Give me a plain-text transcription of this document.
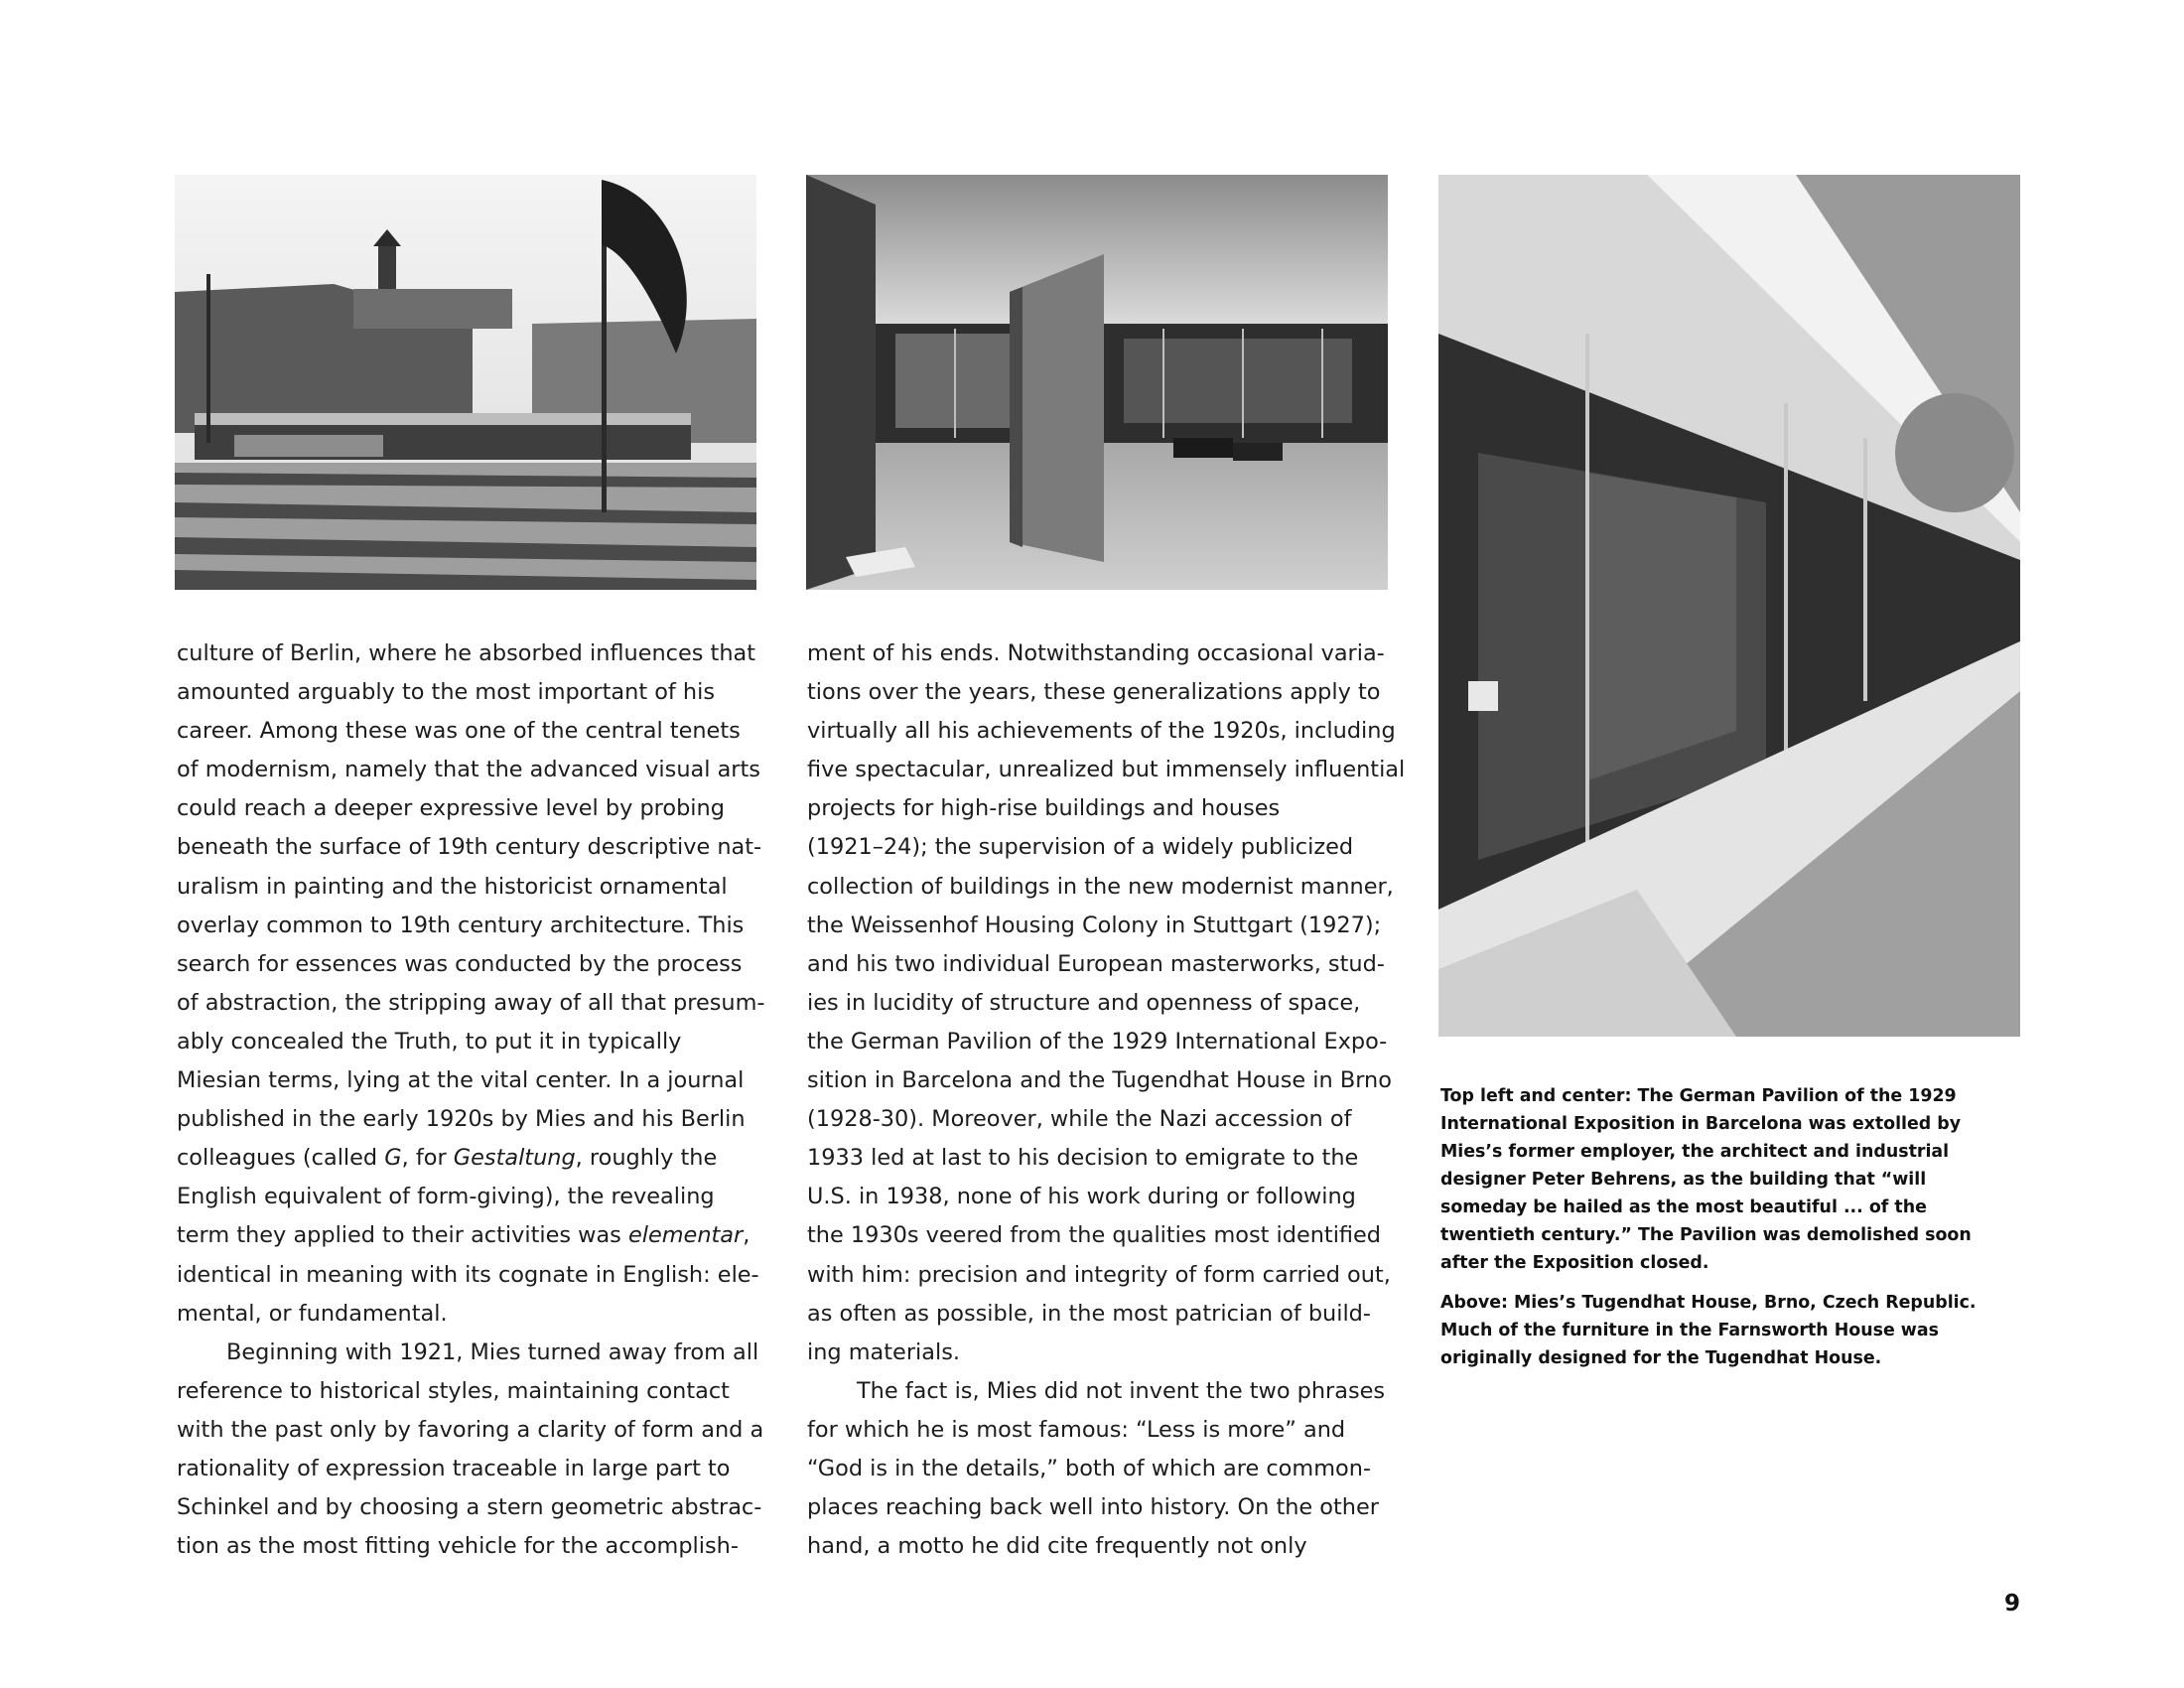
culture of Berlin, where he absorbed influences that
amounted arguably to the most important of his
career. Among these was one of the central tenets
of modernism, namely that the advanced visual arts
could reach a deeper expressive level by probing
beneath the surface of 19th century descriptive nat-
uralism in painting and the historicist ornamental
overlay common to 19th century architecture. This
search for essences was conducted by the process
of abstraction, the stripping away of all that presum-
ably concealed the Truth, to put it in typically
Miesian terms, lying at the vital center. In a journal
published in the early 1920s by Mies and his Berlin
colleagues (called G, for Gestaltung, roughly the
English equivalent of form-giving), the revealing
term they applied to their activities was elementar,
identical in meaning with its cognate in English: ele-
mental, or fundamental.
Beginning with 1921, Mies turned away from all
reference to historical styles, maintaining contact
with the past only by favoring a clarity of form and a
rationality of expression traceable in large part to
Schinkel and by choosing a stern geometric abstrac-
tion as the most fitting vehicle for the accomplish-
ment of his ends. Notwithstanding occasional varia-
tions over the years, these generalizations apply to
virtually all his achievements of the 1920s, including
five spectacular, unrealized but immensely influential
projects for high-rise buildings and houses
(1921–24); the supervision of a widely publicized
collection of buildings in the new modernist manner,
the Weissenhof Housing Colony in Stuttgart (1927);
and his two individual European masterworks, stud-
ies in lucidity of structure and openness of space,
the German Pavilion of the 1929 International Expo-
sition in Barcelona and the Tugendhat House in Brno
(1928-30). Moreover, while the Nazi accession of
1933 led at last to his decision to emigrate to the
U.S. in 1938, none of his work during or following
the 1930s veered from the qualities most identified
with him: precision and integrity of form carried out,
as often as possible, in the most patrician of build-
ing materials.
The fact is, Mies did not invent the two phrases
for which he is most famous: “Less is more” and
“God is in the details,” both of which are common-
places reaching back well into history. On the other
hand, a motto he did cite frequently not only
Top left and center: The German Pavilion of the 1929
International Exposition in Barcelona was extolled by
Mies’s former employer, the architect and industrial
designer Peter Behrens, as the building that “will
someday be hailed as the most beautiful ... of the
twentieth century.” The Pavilion was demolished soon
after the Exposition closed.
Above: Mies’s Tugendhat House, Brno, Czech Republic.
Much of the furniture in the Farnsworth House was
originally designed for the Tugendhat House.
9
